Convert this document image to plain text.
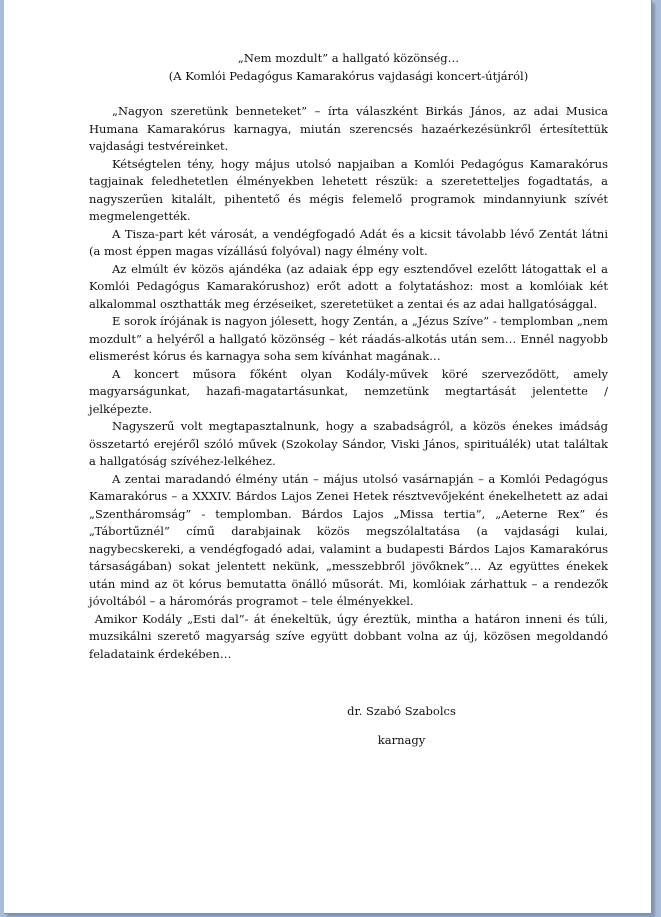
„Nem mozdult” a hallgató közönség…

(A Komlói Pedagógus Kamarakórus vajdasági koncert-útjáról)

„Nagyon szeretünk benneteket” – írta válaszként Birkás János, az adai Musica Humana Kamarakórus karnagya, miután szerencsés hazaérkezésünkről értesítettük vajdasági testvéreinket.

Kétségtelen tény, hogy május utolsó napjaiban a Komlói Pedagógus Kamarakórus tagjainak feledhetetlen élményekben lehetett részük: a szeretetteljes fogadtatás, a nagyszerűen kitalált, pihentető és mégis felemelő programok mindannyiunk szívét megmelengették.

A Tisza-part két városát, a vendégfogadó Adát és a kicsit távolabb lévő Zentát látni (a most éppen magas vízállású folyóval) nagy élmény volt.

Az elmúlt év közös ajándéka (az adaiak épp egy esztendővel ezelőtt látogattak el a Komlói Pedagógus Kamarakórushoz) erőt adott a folytatáshoz: most a komlóiak két alkalommal oszthatták meg érzéseiket, szeretetüket a zentai és az adai hallgatósággal.

E sorok írójának is nagyon jólesett, hogy Zentán, a „Jézus Szíve” - templomban „nem mozdult” a helyéről a hallgató közönség – két ráadás-alkotás után sem… Ennél nagyobb elismerést kórus és karnagya soha sem kívánhat magának…

A koncert műsora főként olyan Kodály-művek köré szerveződött, amely magyarságunkat, hazafi-magatartásunkat, nemzetünk megtartását jelentette / jelképezte.

Nagyszerű volt megtapasztalnunk, hogy a szabadságról, a közös énekes imádság összetartó erejéről szóló művek (Szokolay Sándor, Viski János, spirituálék) utat találtak a hallgatóság szívéhez-lelkéhez.

A zentai maradandó élmény után – május utolsó vasárnapján – a Komlói Pedagógus Kamarakórus – a XXXIV. Bárdos Lajos Zenei Hetek résztvevőjeként énekelhetett az adai „Szentháromság” - templomban. Bárdos Lajos „Missa tertia”, „Aeterne Rex” és „Tábortűznél” című darabjainak közös megszólaltatása (a vajdasági kulai, nagybecskereki, a vendégfogadó adai, valamint a budapesti Bárdos Lajos Kamarakórus társaságában) sokat jelentett nekünk, „messzebbről jövőknek”… Az együttes énekek után mind az öt kórus bemutatta önálló műsorát. Mi, komlóiak zárhattuk – a rendezők jóvoltából – a háromórás programot – tele élményekkel.

Amikor Kodály „Esti dal”- át énekeltük, úgy éreztük, mintha a határon inneni és túli, muzsikálni szerető magyarság szíve együtt dobbant volna az új, közösen megoldandó feladataink érdekében…

dr. Szabó Szabolcs

karnagy
